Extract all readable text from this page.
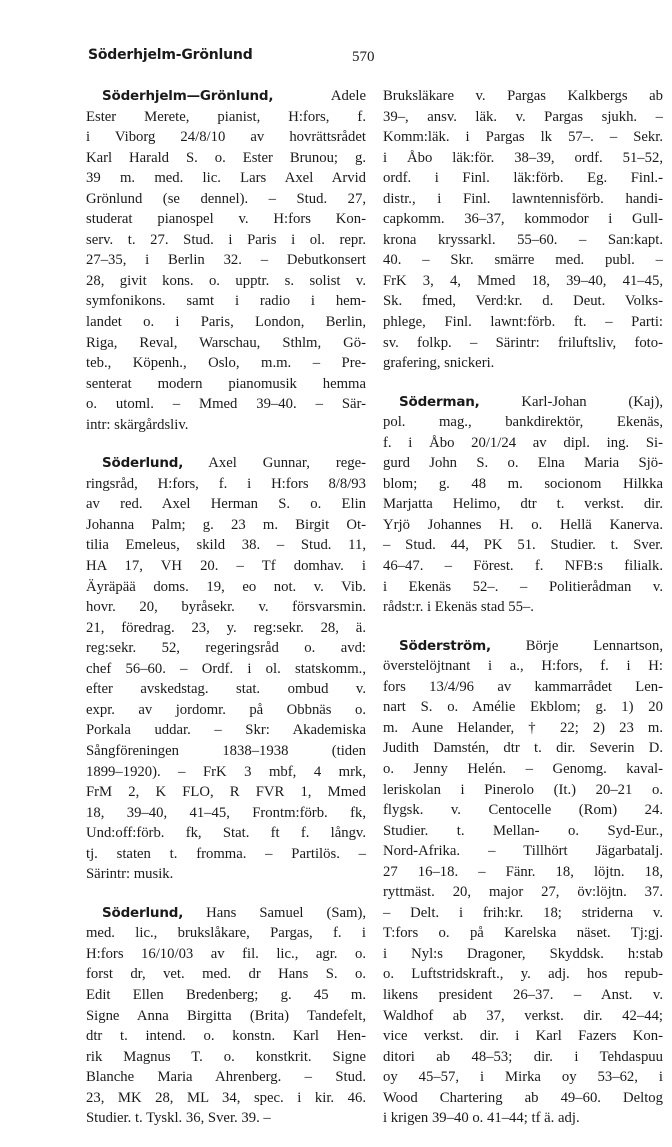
Söderhjelm-Grönlund	570
Söderhjelm—Grönlund,	Adele
Ester Merete, pianist, H:fors, f.
i Viborg 24/8/10 av hovrättsrådet
Karl Harald S. o. Ester Brunou; g.
39 m. med. lic. Lars Axel Arvid
Grönlund (se dennel). – Stud. 27,
studerat pianospel v. H:fors Kon-
serv. t. 27. Stud. i Paris i ol. repr.
27–35, i Berlin 32. – Debutkonsert
28, givit kons. o. upptr. s. solist v.
symfonikons. samt i radio i hem-
landet o. i Paris, London, Berlin,
Riga, Reval, Warschau, Sthlm, Gö-
teb., Köpenh., Oslo, m.m. – Pre-
senterat modern pianomusik hemma
o. utoml. – Mmed 39–40. – Sär-
intr: skärgårdsliv.
Söderlund, Axel Gunnar, rege-
ringsråd, H:fors, f. i H:fors 8/8/93
av red. Axel Herman S. o. Elin
Johanna Palm; g. 23 m. Birgit Ot-
tilia Emeleus, skild 38. – Stud. 11,
HA 17, VH 20. – Tf domhav. i
Äyräpää doms. 19, eo not. v. Vib.
hovr. 20, byråsekr. v. försvarsmin.
21, föredrag. 23, y. reg:sekr. 28, ä.
reg:sekr. 52, regeringsråd o. avd:
chef 56–60. – Ordf. i ol. statskomm.,
efter avskedstag. stat. ombud v.
expr. av jordomr. på Obbnäs o.
Porkala uddar. – Skr: Akademiska
Sångföreningen 1838–1938 (tiden
1899–1920). – FrK 3 mbf, 4 mrk,
FrM 2, K FLO, R FVR 1, Mmed
18, 39–40, 41–45, Frontm:förb. fk,
Und:off:förb. fk, Stat. ft f. långv.
tj. staten t. fromma. – Partilös. –
Särintr: musik.
Söderlund, Hans Samuel (Sam),
med. lic., brukslåkare, Pargas, f. i
H:fors 16/10/03 av fil. lic., agr. o.
forst dr, vet. med. dr Hans S. o.
Edit Ellen Bredenberg; g. 45 m.
Signe Anna Birgitta (Brita) Tandefelt,
dtr t. intend. o. konstn. Karl Hen-
rik Magnus T. o. konstkrit. Signe
Blanche Maria Ahrenberg. – Stud.
23, MK 28, ML 34, spec. i kir. 46.
Studier. t. Tyskl. 36, Sver. 39. –
Bruksläkare v. Pargas Kalkbergs ab
39–, ansv. läk. v. Pargas sjukh. –
Komm:läk. i Pargas lk 57–. – Sekr.
i Åbo läk:för. 38–39, ordf. 51–52,
ordf. i Finl. läk:förb. Eg. Finl.-
distr., i Finl. lawntennisförb. handi-
capkomm. 36–37, kommodor i Gull-
krona kryssarkl. 55–60. – San:kapt.
40. – Skr. smärre med. publ. –
FrK 3, 4, Mmed 18, 39–40, 41–45,
Sk. fmed, Verd:kr. d. Deut. Volks-
phlege, Finl. lawnt:förb. ft. – Parti:
sv. folkp. – Särintr: friluftsliv, foto-
grafering, snickeri.
Söderman,	Karl-Johan (Kaj),
pol. mag., bankdirektör, Ekenäs,
f. i Åbo 20/1/24 av dipl. ing. Si-
gurd John S. o. Elna Maria Sjö-
blom; g. 48 m. socionom Hilkka
Marjatta Helimo, dtr t. verkst. dir.
Yrjö Johannes H. o. Hellä Kanerva.
– Stud. 44, PK 51. Studier. t. Sver.
46–47. – Förest. f. NFB:s filialk.
i Ekenäs 52–. – Politierådman v.
rådst:r. i Ekenäs stad 55–.
Söderström, Börje Lennartson,
överstelöjtnant i a., H:fors, f. i H:
fors 13/4/96 av kammarrådet Len-
nart S. o. Amélie Ekblom; g. 1) 20
m. Aune Helander, † 22; 2) 23 m.
Judith Damstén, dtr t. dir. Severin D.
o. Jenny Helén. – Genomg. kaval-
leriskolan i Pinerolo (It.) 20–21 o.
flygsk. v. Centocelle (Rom) 24.
Studier. t. Mellan- o. Syd-Eur.,
Nord-Afrika. – Tillhört Jägarbatalj.
27 16–18. – Fänr. 18, löjtn. 18,
ryttmäst. 20, major 27, öv:löjtn. 37.
– Delt. i frih:kr. 18; striderna v.
T:fors o. på Karelska näset. Tj:gj.
i Nyl:s Dragoner, Skyddsk. h:stab
o. Luftstridskraft., y. adj. hos repub-
likens president 26–37. – Anst. v.
Waldhof ab 37, verkst. dir. 42–44;
vice verkst. dir. i Karl Fazers Kon-
ditori ab 48–53; dir. i Tehdaspuu
oy 45–57, i Mirka oy 53–62, i
Wood Chartering ab 49–60. Deltog
i krigen 39–40 o. 41–44; tf ä. adj.
